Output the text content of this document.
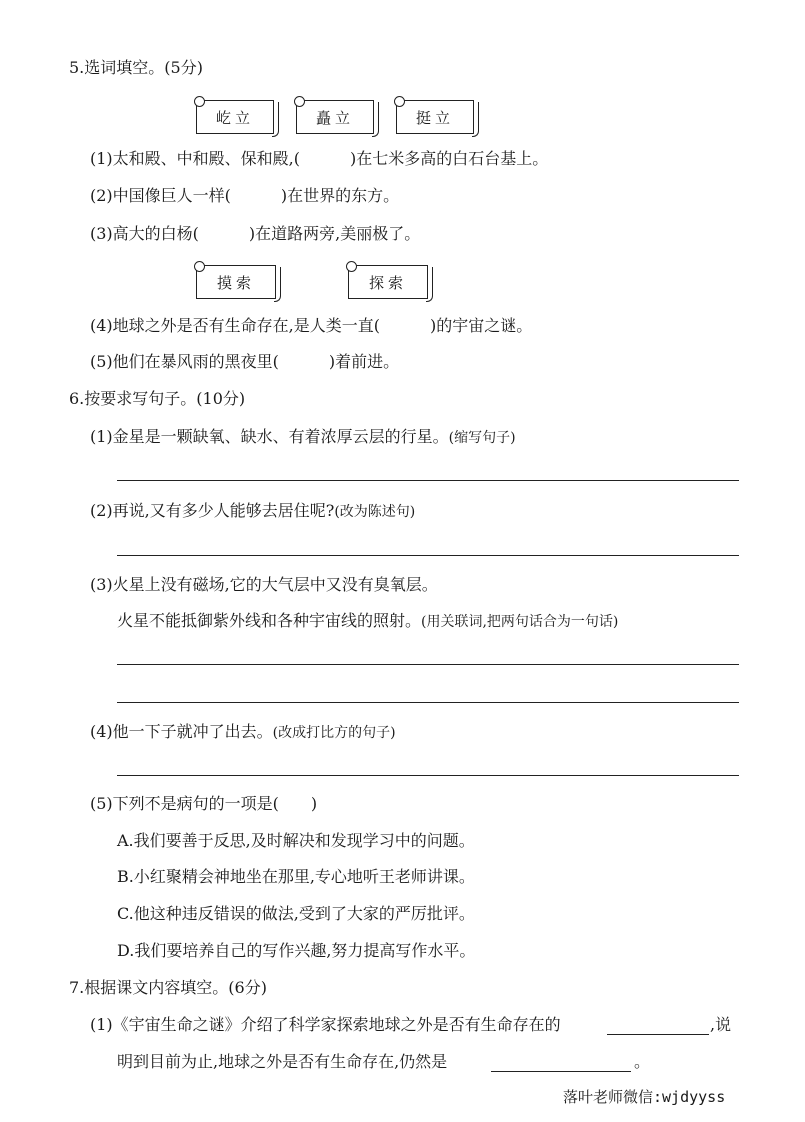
5.选词填空。(5分)
屹立	矗立	挺立
(1)太和殿、中和殿、保和殿,(	)在七米多高的白石台基上。
(2)中国像巨人一样(	)在世界的东方。
(3)高大的白杨(	)在道路两旁,美丽极了。
摸索	探索
(4)地球之外是否有生命存在,是人类一直(	)的宇宙之谜。
(5)他们在暴风雨的黑夜里(	)着前进。
6.按要求写句子。(10分)
(1)金星是一颗缺氧、缺水、有着浓厚云层的行星。(缩写句子)
(2)再说,又有多少人能够去居住呢?(改为陈述句)
(3)火星上没有磁场,它的大气层中又没有臭氧层。
火星不能抵御紫外线和各种宇宙线的照射。(用关联词,把两句话合为一句话)
(4)他一下子就冲了出去。(改成打比方的句子)
(5)下列不是病句的一项是( )
A.我们要善于反思,及时解决和发现学习中的问题。
B.小红聚精会神地坐在那里,专心地听王老师讲课。
C.他这种违反错误的做法,受到了大家的严厉批评。
D.我们要培养自己的写作兴趣,努力提高写作水平。
7.根据课文内容填空。(6分)
(1)《宇宙生命之谜》介绍了科学家探索地球之外是否有生命存在的	,说
明到目前为止,地球之外是否有生命存在,仍然是	。
落叶老师微信:wjdyyss
